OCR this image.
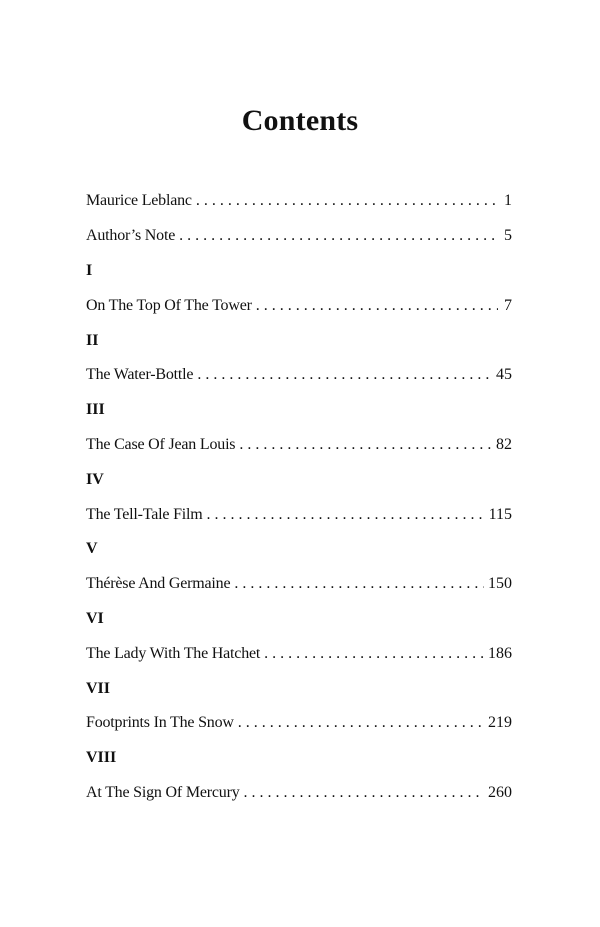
Contents
Maurice Leblanc . . .	1
Author’s Note . . .	5
I
On The Top Of The Tower . . .	7
II
The Water-Bottle . . .	45
III
The Case Of Jean Louis . . .	82
IV
The Tell-Tale Film . . .	115
V
Thérèse And Germaine . . .	150
VI
The Lady With The Hatchet . . .	186
VII
Footprints In The Snow . . .	219
VIII
At The Sign Of Mercury . . .	260
